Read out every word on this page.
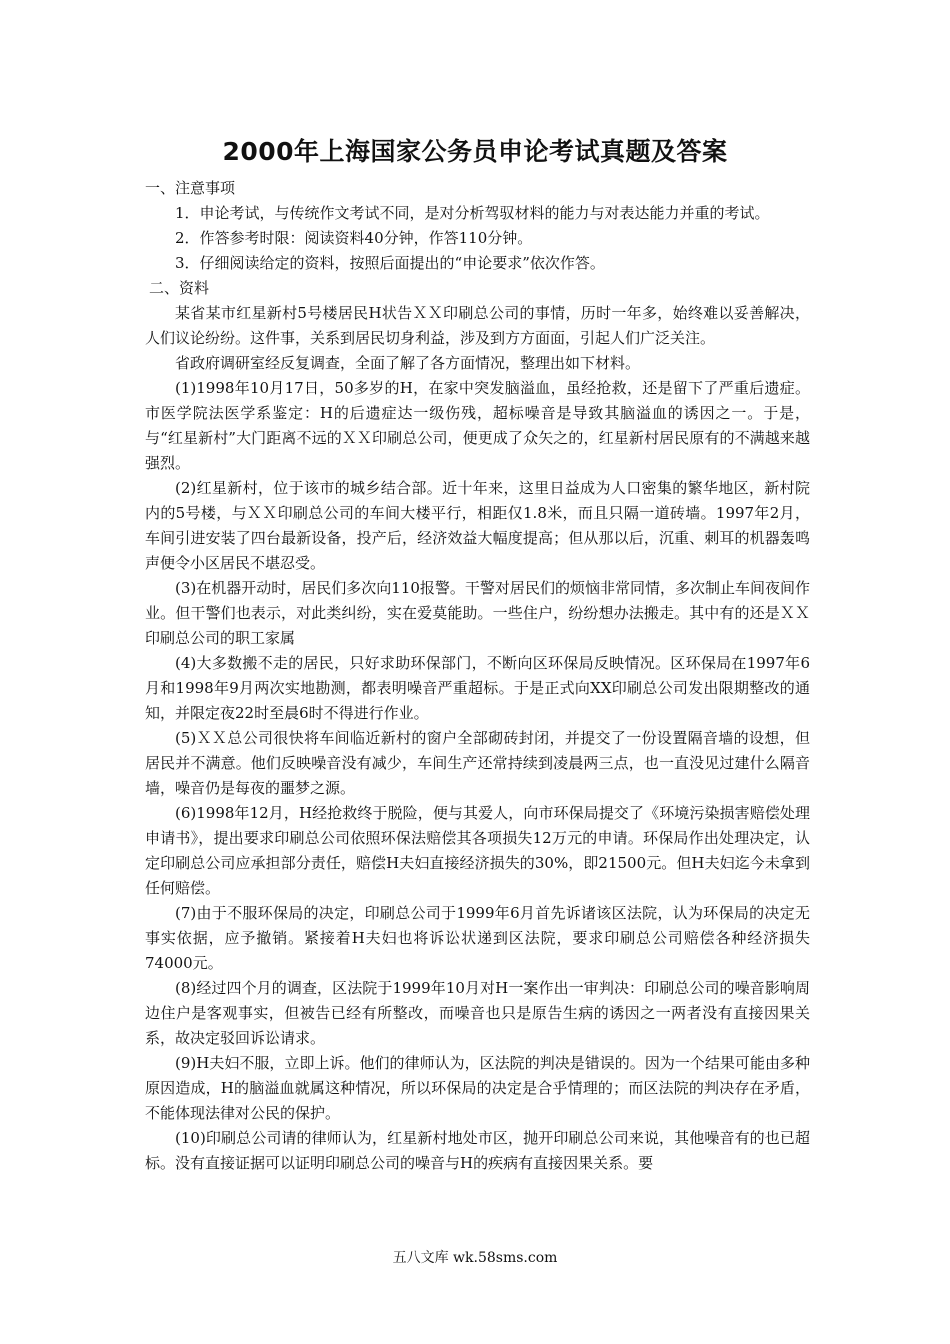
2000年上海国家公务员申论考试真题及答案

一、注意事项

1．申论考试，与传统作文考试不同，是对分析驾驭材料的能力与对表达能力并重的考试。

2．作答参考时限：阅读资料40分钟，作答110分钟。

3．仔细阅读给定的资料，按照后面提出的“申论要求”依次作答。

二、资料

某省某市红星新村5号楼居民H状告ＸＸ印刷总公司的事情，历时一年多，始终难以妥善解决，人们议论纷纷。这件事，关系到居民切身利益，涉及到方方面面，引起人们广泛关注。

省政府调研室经反复调查，全面了解了各方面情况，整理出如下材料。

(1)1998年10月17日，50多岁的H，在家中突发脑溢血，虽经抢救，还是留下了严重后遗症。市医学院法医学系鉴定：H的后遗症达一级伤残，超标噪音是导致其脑溢血的诱因之一。于是，与“红星新村”大门距离不远的ＸＸ印刷总公司，便更成了众矢之的，红星新村居民原有的不满越来越强烈。

(2)红星新村，位于该市的城乡结合部。近十年来，这里日益成为人口密集的繁华地区，新村院内的5号楼，与ＸＸ印刷总公司的车间大楼平行，相距仅1.8米，而且只隔一道砖墙。1997年2月，车间引进安装了四台最新设备，投产后，经济效益大幅度提高；但从那以后，沉重、刺耳的机器轰鸣声便令小区居民不堪忍受。

(3)在机器开动时，居民们多次向110报警。干警对居民们的烦恼非常同情，多次制止车间夜间作业。但干警们也表示，对此类纠纷，实在爱莫能助。一些住户，纷纷想办法搬走。其中有的还是ＸＸ印刷总公司的职工家属

(4)大多数搬不走的居民，只好求助环保部门，不断向区环保局反映情况。区环保局在1997年6月和1998年9月两次实地勘测，都表明噪音严重超标。于是正式向XX印刷总公司发出限期整改的通知，并限定夜22时至晨6时不得进行作业。

(5)ＸＸ总公司很快将车间临近新村的窗户全部砌砖封闭，并提交了一份设置隔音墙的设想，但居民并不满意。他们反映噪音没有减少，车间生产还常持续到凌晨两三点，也一直没见过建什么隔音墙，噪音仍是每夜的噩梦之源。

(6)1998年12月，H经抢救终于脱险，便与其爱人，向市环保局提交了《环境污染损害赔偿处理申请书》，提出要求印刷总公司依照环保法赔偿其各项损失12万元的申请。环保局作出处理决定，认定印刷总公司应承担部分责任，赔偿H夫妇直接经济损失的30%，即21500元。但H夫妇迄今未拿到任何赔偿。

(7)由于不服环保局的决定，印刷总公司于1999年6月首先诉诸该区法院，认为环保局的决定无事实依据，应予撤销。紧接着H夫妇也将诉讼状递到区法院，要求印刷总公司赔偿各种经济损失74000元。

(8)经过四个月的调查，区法院于1999年10月对H一案作出一审判决：印刷总公司的噪音影响周边住户是客观事实，但被告已经有所整改，而噪音也只是原告生病的诱因之一两者没有直接因果关系，故决定驳回诉讼请求。

(9)H夫妇不服，立即上诉。他们的律师认为，区法院的判决是错误的。因为一个结果可能由多种原因造成，H的脑溢血就属这种情况，所以环保局的决定是合乎情理的；而区法院的判决存在矛盾，不能体现法律对公民的保护。

(10)印刷总公司请的律师认为，红星新村地处市区，抛开印刷总公司来说，其他噪音有的也已超标。没有直接证据可以证明印刷总公司的噪音与H的疾病有直接因果关系。要

五八文库 wk.58sms.com
